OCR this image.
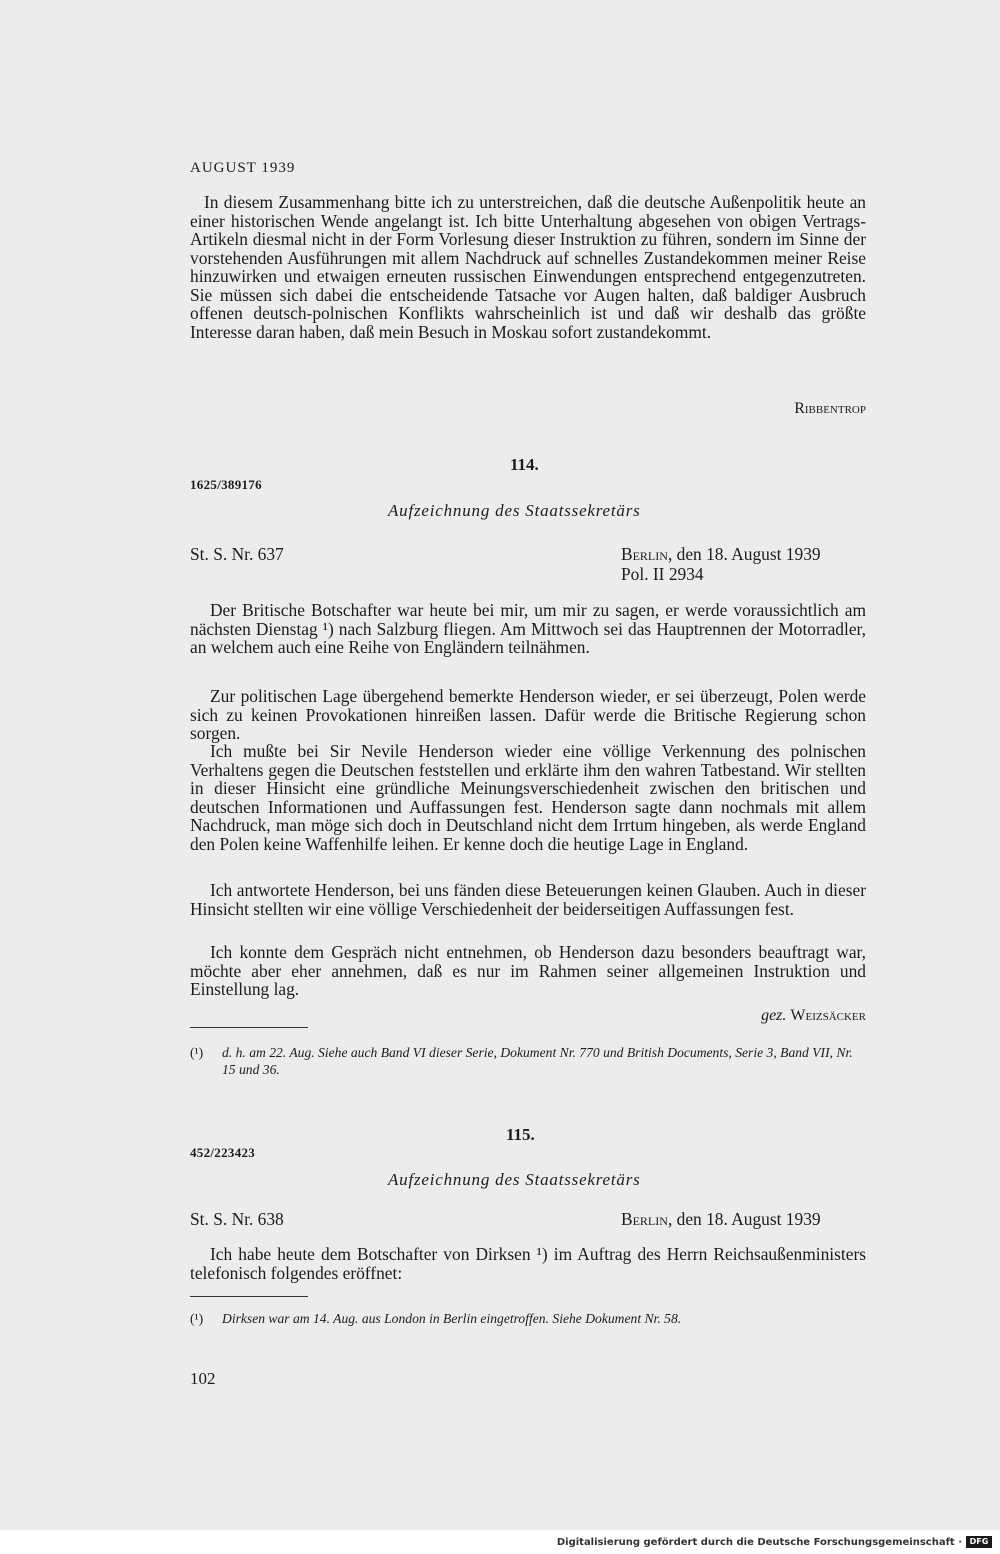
AUGUST 1939

In diesem Zusammenhang bitte ich zu unterstreichen, daß die deutsche Außenpolitik heute an einer historischen Wende angelangt ist. Ich bitte Unterhaltung abgesehen von obigen Vertrags-Artikeln diesmal nicht in der Form Vorlesung dieser Instruktion zu führen, sondern im Sinne der vorstehenden Ausführungen mit allem Nachdruck auf schnelles Zustandekommen meiner Reise hinzuwirken und etwaigen erneuten russischen Einwendungen entsprechend entgegenzutreten. Sie müssen sich dabei die entscheidende Tatsache vor Augen halten, daß baldiger Ausbruch offenen deutsch-polnischen Konflikts wahrscheinlich ist und daß wir deshalb das größte Interesse daran haben, daß mein Besuch in Moskau sofort zustandekommt.

Ribbentrop
114.
1625/389176
Aufzeichnung des Staatssekretärs
St. S. Nr. 637	Berlin, den 18. August 1939
Pol. II 2934

Der Britische Botschafter war heute bei mir, um mir zu sagen, er werde voraussichtlich am nächsten Dienstag ¹) nach Salzburg fliegen. Am Mittwoch sei das Hauptrennen der Motorradler, an welchem auch eine Reihe von Engländern teilnähmen.

Zur politischen Lage übergehend bemerkte Henderson wieder, er sei überzeugt, Polen werde sich zu keinen Provokationen hinreißen lassen. Dafür werde die Britische Regierung schon sorgen.

Ich mußte bei Sir Nevile Henderson wieder eine völlige Verkennung des polnischen Verhaltens gegen die Deutschen feststellen und erklärte ihm den wahren Tatbestand. Wir stellten in dieser Hinsicht eine gründliche Meinungsverschiedenheit zwischen den britischen und deutschen Informationen und Auffassungen fest. Henderson sagte dann nochmals mit allem Nachdruck, man möge sich doch in Deutschland nicht dem Irrtum hingeben, als werde England den Polen keine Waffenhilfe leihen. Er kenne doch die heutige Lage in England.

Ich antwortete Henderson, bei uns fänden diese Beteuerungen keinen Glauben. Auch in dieser Hinsicht stellten wir eine völlige Verschiedenheit der beiderseitigen Auffassungen fest.

Ich konnte dem Gespräch nicht entnehmen, ob Henderson dazu besonders beauftragt war, möchte aber eher annehmen, daß es nur im Rahmen seiner allgemeinen Instruktion und Einstellung lag.

gez. Weizsäcker
(¹) d. h. am 22. Aug. Siehe auch Band VI dieser Serie, Dokument Nr. 770 und British Documents, Serie 3, Band VII, Nr. 15 und 36.
115.
452/223423
Aufzeichnung des Staatssekretärs
St. S. Nr. 638	Berlin, den 18. August 1939

Ich habe heute dem Botschafter von Dirksen ¹) im Auftrag des Herrn Reichsaußenministers telefonisch folgendes eröffnet:

(¹) Dirksen war am 14. Aug. aus London in Berlin eingetroffen. Siehe Dokument Nr. 58.
102
Digitalisierung gefördert durch die Deutsche Forschungsgemeinschaft · DFG
